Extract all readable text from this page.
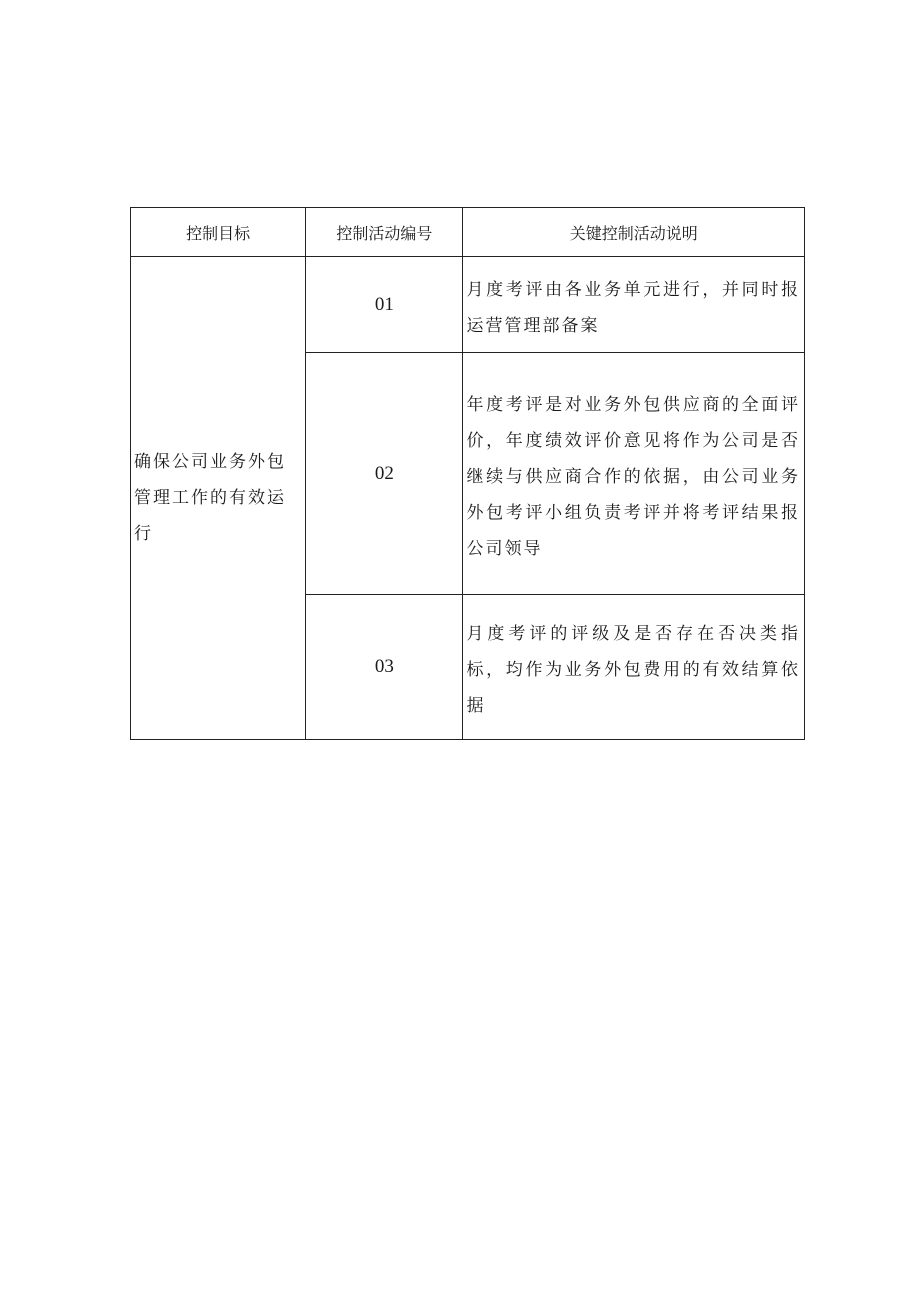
控制目标	控制活动编号	关键控制活动说明
确保公司业务外包管理工作的有效运行	01	月度考评由各业务单元进行，并同时报运营管理部备案
	02	年度考评是对业务外包供应商的全面评价，年度绩效评价意见将作为公司是否继续与供应商合作的依据，由公司业务外包考评小组负责考评并将考评结果报公司领导
	03	月度考评的评级及是否存在否决类指标，均作为业务外包费用的有效结算依据
